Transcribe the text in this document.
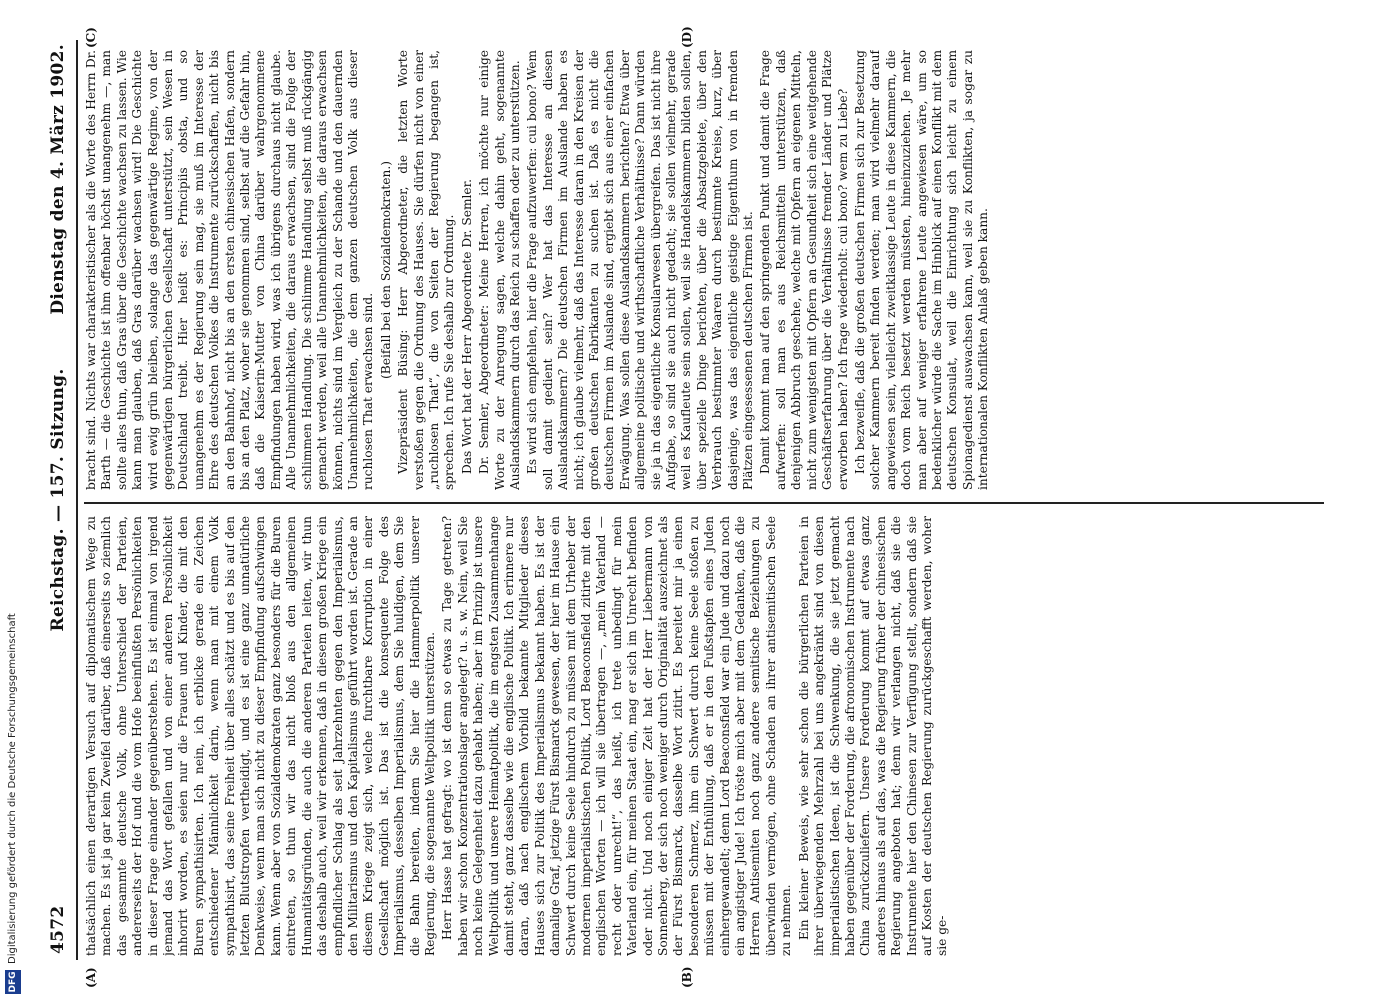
4572
Reichstag. — 157. Sitzung.
Dienstag den 4. März 1902.
(A)	(B)
(C)	(D)

thatsächlich einen derartigen Versuch auf diplomatischem Wege zu machen. Es ist ja gar kein Zweifel darüber, daß einerseits so ziemlich das gesammte deutsche Volk, ohne Unterschied der Parteien, andererseits der Hof und die vom Hofe beeinflußten Persönlichkeiten in dieser Frage einander gegenüberstehen. Es ist einmal von irgend jemand das Wort gefallen und von einer anderen Persönlichkeit inhorirt worden, es seien nur die Frauen und Kinder, die mit den Buren sympathisirten. Ich nein, ich erblicke gerade ein Zeichen entschiedener Männlichkeit darin, wenn man mit einem Volk sympathisirt, das seine Freiheit über alles schätzt und es bis auf den letzten Blutstropfen vertheidigt, und es ist eine ganz unnatürliche Denkweise, wenn man sich nicht zu dieser Empfindung aufschwingen kann. Wenn aber von Sozialdemokraten ganz besonders für die Buren eintreten, so thun wir das nicht bloß aus den allgemeinen Humanitätsgründen, die auch die anderen Parteien leiten, wir thun das deshalb auch, weil wir erkennen, daß in diesem großen Kriege ein empfindlicher Schlag als seit Jahrzehnten gegen den Imperialismus, den Militarismus und den Kapitalismus geführt worden ist. Gerade an diesem Kriege zeigt sich, welche furchtbare Korruption in einer Gesellschaft möglich ist. Das ist die konsequente Folge des Imperialismus, desselben Imperialismus, dem Sie huldigen, dem Sie die Bahn bereiten, indem Sie hier die Hammerpolitik unserer Regierung, die sogenannte Weltpolitik unterstützen. Herr Hasse hat gefragt: wo ist denn so etwas zu Tage getreten? haben wir schon Konzentrationslager angelegt? u. s. w. Nein, weil Sie noch keine Gelegenheit dazu gehabt haben; aber im Prinzip ist unsere Weltpolitik und unsere Heimatpolitik, die im engsten Zusammenhange damit steht, ganz dasselbe wie die englische Politik. Ich erinnere nur daran, daß nach englischem Vorbild bekannte Mitglieder dieses Hauses sich zur Politik des Imperialismus bekannt haben. Es ist der damalige Graf, jetzige Fürst Bismarck gewesen, der hier im Hause ein Schwert durch keine Seele hindurch zu müssen mit dem Urheber der modernen imperialistischen Politik, Lord Beaconsfield zitirte mit den englischen Worten — ich will sie übertragen —, „mein Vaterland — recht oder unrecht!“, das heißt, ich trete unbedingt für mein Vaterland ein, für meinen Staat ein, mag er sich im Unrecht befinden oder nicht. Und noch einiger Zeit hat der Herr Liebermann von Sonnenberg, der sich noch weniger durch Originalität auszeichnet als der Fürst Bismarck, dasselbe Wort zitirt. Es bereitet mir ja einen besonderen Schmerz, ihm ein Schwert durch keine Seele stoßen zu müssen mit der Enthüllung, daß er in den Fußstapfen eines Juden einhergewandelt; denn Lord Beaconsfield war ein Jude und dazu noch ein angistiger Jude! Ich tröste mich aber mit dem Gedanken, daß die Herren Antisemiten noch ganz andere semitische Beziehungen zu überwinden vermögen, ohne Schaden an ihrer antisemitischen Seele zu nehmen. Ein kleiner Beweis, wie sehr schon die bürgerlichen Parteien in ihrer überwiegenden Mehrzahl bei uns angekränkt sind von diesen imperialistischen Ideen, ist die Schwenkung, die sie jetzt gemacht haben gegenüber der Forderung, die afronomischen Instrumente nach China zurückzuliefern. Unsere Forderung kommt auf etwas ganz anderes hinaus als auf das, was die Regierung früher der chinesischen Regierung angeboten hat; denn wir verlangen nicht, daß sie die Instrumente hier den Chinesen zur Verfügung stellt, sondern daß sie auf Kosten der deutschen Regierung zurückgeschafft werden, woher sie ge-

bracht sind. Nichts war charakteristischer als die Worte des Herrn Dr. Barth — die Geschichte ist ihm offenbar höchst unangenehm —, man sollte alles thun, daß Gras über die Geschichte wachsen zu lassen. Wie kann man glauben, daß Gras darüber wachsen wird! Die Geschichte wird ewig grün bleiben, solange das gegenwärtige Regime, von der gegenwärtigen bürgerlichen Gesellschaft unterstützt, sein Wesen in Deutschland treibt. Hier heißt es: Principiis obsta, und so unangenehm es der Regierung sein mag, sie muß im Interesse der Ehre des deutschen Volkes die Instrumente zurückschaffen, nicht bis an den Bahnhof, nicht bis an den ersten chinesischen Hafen, sondern bis an den Platz, woher sie genommen sind, selbst auf die Gefahr hin, daß die Kaiserin-Mutter von China darüber wahrgenommene Empfindungen haben wird, was ich übrigens durchaus nicht glaube. Alle Unannehmlichkeiten, die daraus erwachsen, sind die Folge der schlimmen Handlung. Die schlimme Handlung selbst muß rückgängig gemacht werden, weil alle Unannehmlichkeiten, die daraus erwachsen können, nichts sind im Vergleich zu der Schande und den dauernden Unannehmlichkeiten, die dem ganzen deutschen Volk aus dieser ruchlosen That erwachsen sind.

(Beifall bei den Sozialdemokraten.) Vizepräsident Büsing: Herr Abgeordneter, die letzten Worte verstoßen gegen die Ordnung des Hauses. Sie dürfen nicht von einer „ruchlosen That“, die von Seiten der Regierung begangen ist, sprechen. Ich rufe Sie deshalb zur Ordnung. Das Wort hat der Herr Abgeordnete Dr. Semler. Dr. Semler, Abgeordneter: Meine Herren, ich möchte nur einige Worte zu der Anregung sagen, welche dahin geht, sogenannte Auslandskammern durch das Reich zu schaffen oder zu unterstützen. Es wird sich empfehlen, hier die Frage aufzuwerfen: cui bono? Wem soll damit gedient sein? Wer hat das Interesse an diesen Auslandskammern? Die deutschen Firmen im Auslande haben es nicht; ich glaube vielmehr, daß das Interesse daran in den Kreisen der großen deutschen Fabrikanten zu suchen ist. Daß es nicht die deutschen Firmen im Auslande sind, ergiebt sich aus einer einfachen Erwägung. Was sollen diese Auslandskammern berichten? Etwa über allgemeine politische und wirthschaftliche Verhältnisse? Dann würden sie ja in das eigentliche Konsularwesen übergreifen. Das ist nicht ihre Aufgabe, so sind sie auch nicht gedacht; sie sollen vielmehr, gerade weil es Kaufleute sein sollen, weil sie Handelskammern bilden sollen, über spezielle Dinge berichten, über die Absatzgebiete, über den Verbrauch bestimmter Waaren durch bestimmte Kreise, kurz, über dasjenige, was das eigentliche geistige Eigenthum von in fremden Plätzen eingesessenen deutschen Firmen ist. Damit kommt man auf den springenden Punkt und damit die Frage aufwerfen: soll man es aus Reichsmitteln unterstützen, daß denjenigen Abbruch geschehe, welche mit Opfern an eigenen Mitteln, nicht zum wenigsten mit Opfern an Gesundheit sich eine weitgehende Geschäftserfahrung über die Verhältnisse fremder Länder und Plätze erworben haben? Ich frage wiederholt: cui bono? wem zu Liebe? Ich bezweifle, daß die großen deutschen Firmen sich zur Besetzung solcher Kammern bereit finden werden; man wird vielmehr darauf angewiesen sein, vielleicht zweitklassige Leute in diese Kammern, die doch vom Reich besetzt werden müssten, hineinzuziehen. Je mehr man aber auf weniger erfahrene Leute angewiesen wäre, um so bedenklicher würde die Sache im Hinblick auf einen Konflikt mit dem deutschen Konsulat, weil die Einrichtung sich leicht zu einem Spionagedienst auswachsen kann, weil sie zu Konflikten, ja sogar zu internationalen Konflikten Anlaß geben kann.

DFG
Digitalisierung gefördert durch die Deutsche Forschungsgemeinschaft
